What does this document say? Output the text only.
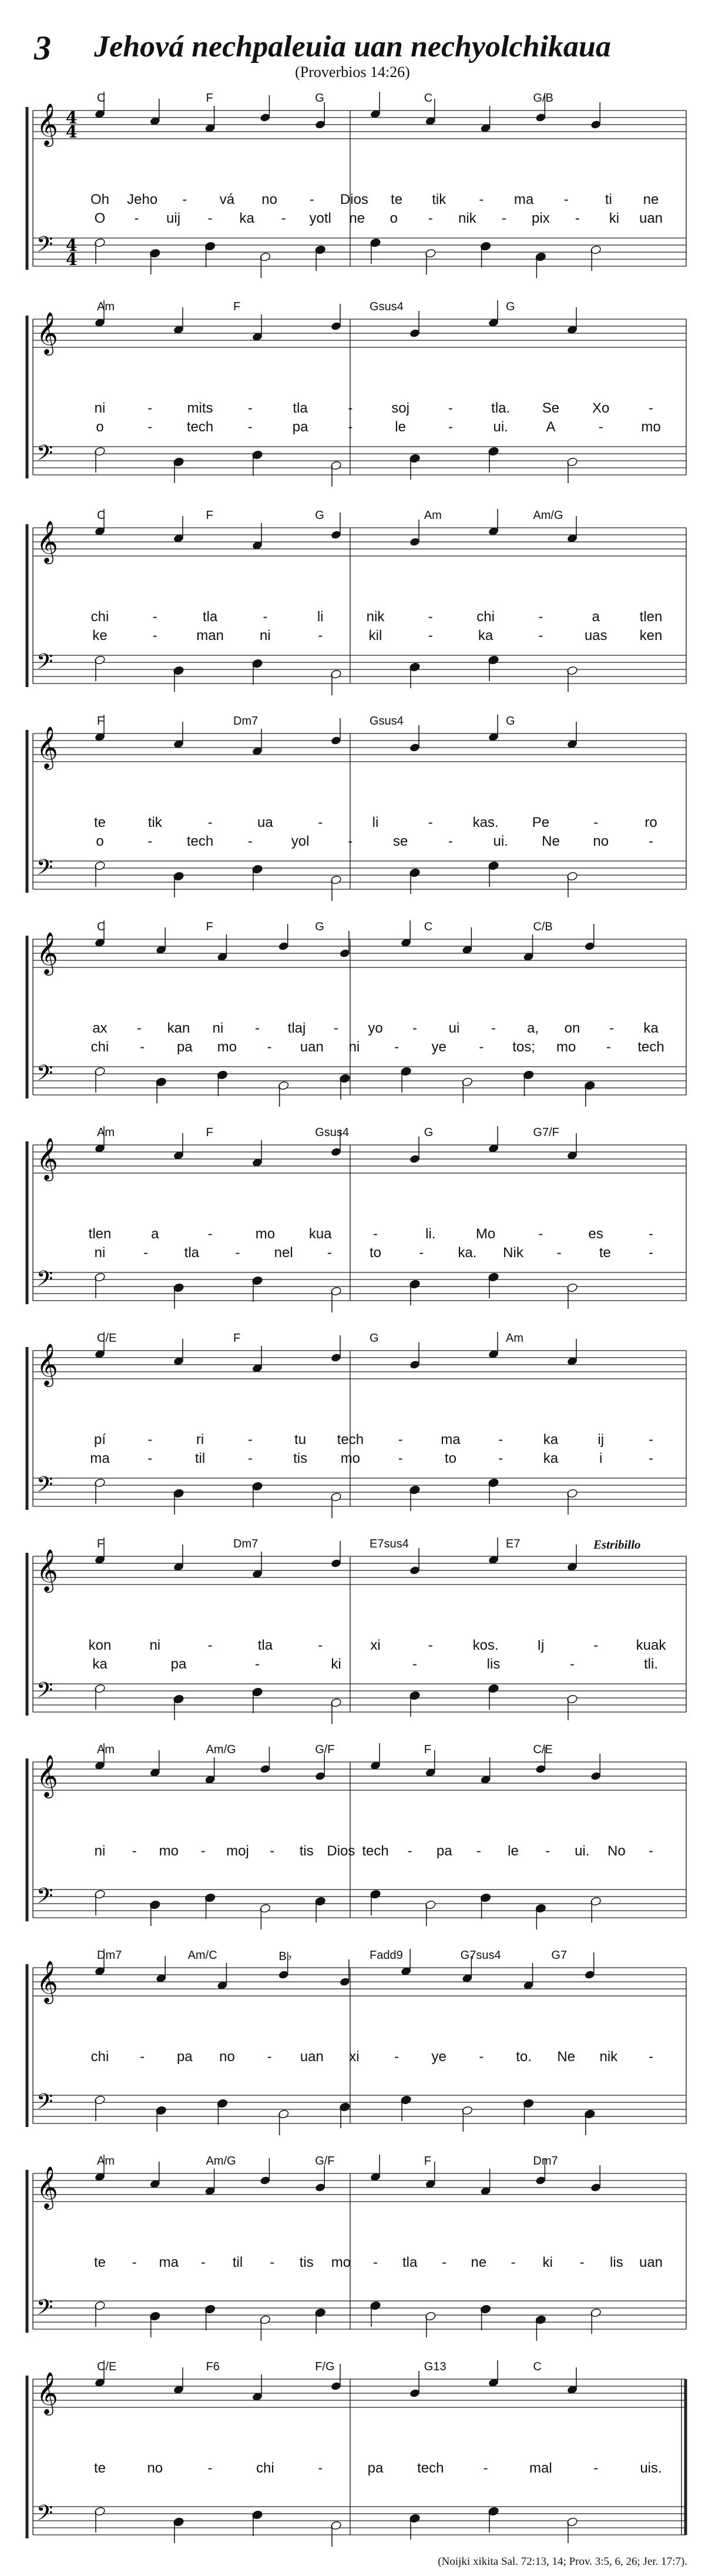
3	Jehová nechpaleuia uan nechyolchikaua
(Proverbios 14:26)
𝄞
𝄢
4
4
4
4
C	F	G	C	G/B
Oh Jeho - vá no - Dios te tik - ma -	ti ne
O - uij - ka - yotl ne o - nik - pix - ki uan
𝄞
𝄢
Am	F	Gsus4	G
ni	- mits -	tla	-	soj	-	tla. Se Xo	-
o	- tech -	pa	-	le	-	ui.	A	-	mo
𝄞
𝄢
C	F	G	Am	Am/G
chi	-	tla	-	li	nik	-	chi	-	a	tlen
ke	-	man	ni	-	kil	-	ka	-	uas ken
𝄞
𝄢
F	Dm7	Gsus4	G
te	tik	-	ua	-	li	-	kas. Pe	-	ro
o	- tech -	yol	-	se	-	ui. Ne no	-
𝄞
𝄢
C	F	G	C	C/B
ax - kan ni - tlaj - yo - ui - a, on - ka
chi - pa mo - uan ni - ye - tos; mo - tech
𝄞
𝄢
Am	F	Gsus4	G	G7/F
tlen	a	-	mo kua	-	li.	Mo	-	es	-
ni	-	tla	- nel -	to	- ka. Nik -	te	-
𝄞
𝄢
C/E	F	G	Am
pí	-	ri	-	tu tech -	ma	-	ka	ij	-
ma	-	til	-	tis mo	-	to	-	ka	i	-
𝄞
𝄢
F	Dm7	E7sus4	E7	Estribillo
kon	ni	-	tla	-	xi	-	kos.	Ij	-	kuak
ka	pa	-	ki	-	lis	-	tli.
𝄞
𝄢
Am	Am/G	G/F	F	C/E
ni - mo - moj - tis Dios tech - pa - le - ui. No -
𝄞
𝄢
Dm7	Am/C	B♭	Fadd9	G7sus4	G7
chi - pa no - uan xi - ye - to. Ne nik -
𝄞
𝄢
Am	Am/G	G/F	F	Dm7
te - ma - til - tis mo - tla - ne - ki - lis uan
𝄞
𝄢
C/E	F6	F/G	G13	C
te	no	-	chi	-	pa tech	-	mal	-	uis.
(Noijki xikita Sal. 72:13, 14; Prov. 3:5, 6, 26; Jer. 17:7).
